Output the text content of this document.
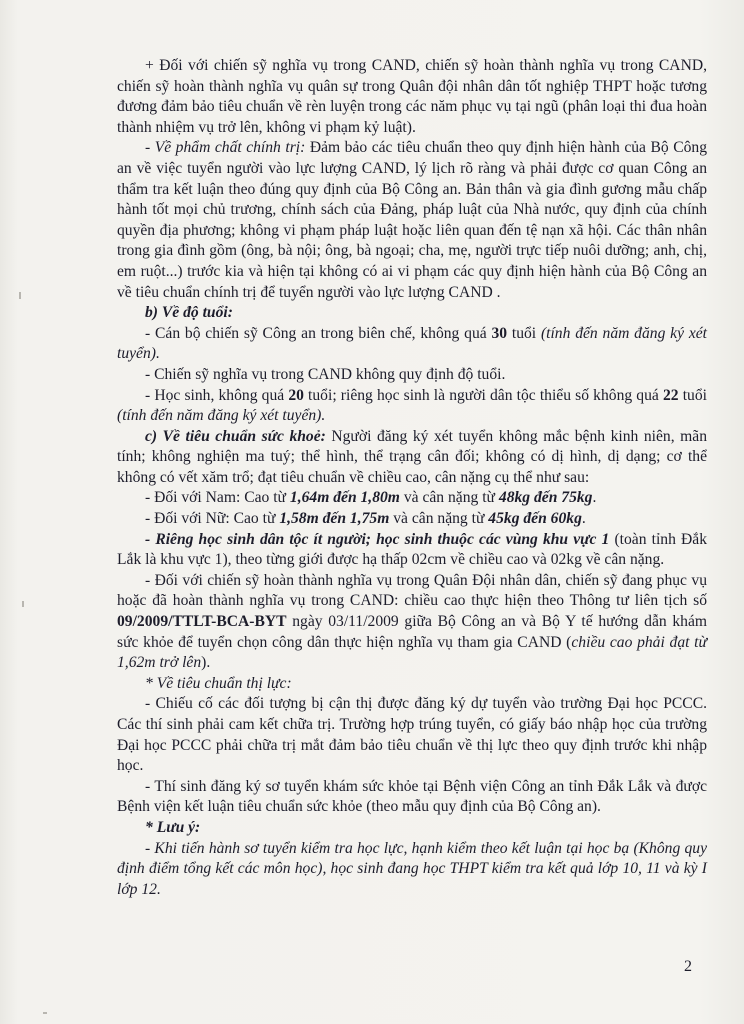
+ Đối với chiến sỹ nghĩa vụ trong CAND, chiến sỹ hoàn thành nghĩa vụ trong CAND, chiến sỹ hoàn thành nghĩa vụ quân sự trong Quân đội nhân dân tốt nghiệp THPT hoặc tương đương đảm bảo tiêu chuẩn về rèn luyện trong các năm phục vụ tại ngũ (phân loại thi đua hoàn thành nhiệm vụ trở lên, không vi phạm kỷ luật).

- Về phẩm chất chính trị: Đảm bảo các tiêu chuẩn theo quy định hiện hành của Bộ Công an về việc tuyển người vào lực lượng CAND, lý lịch rõ ràng và phải được cơ quan Công an thẩm tra kết luận theo đúng quy định của Bộ Công an. Bản thân và gia đình gương mẫu chấp hành tốt mọi chủ trương, chính sách của Đảng, pháp luật của Nhà nước, quy định của chính quyền địa phương; không vi phạm pháp luật hoặc liên quan đến tệ nạn xã hội. Các thân nhân trong gia đình gồm (ông, bà nội; ông, bà ngoại; cha, mẹ, người trực tiếp nuôi dưỡng; anh, chị, em ruột...) trước kia và hiện tại không có ai vi phạm các quy định hiện hành của Bộ Công an về tiêu chuẩn chính trị để tuyển người vào lực lượng CAND .

b) Về độ tuổi:

- Cán bộ chiến sỹ Công an trong biên chế, không quá 30 tuổi (tính đến năm đăng ký xét tuyển).

- Chiến sỹ nghĩa vụ trong CAND không quy định độ tuổi.

- Học sinh, không quá 20 tuổi; riêng học sinh là người dân tộc thiểu số không quá 22 tuổi (tính đến năm đăng ký xét tuyển).

c) Về tiêu chuẩn sức khoẻ: Người đăng ký xét tuyển không mắc bệnh kinh niên, mãn tính; không nghiện ma tuý; thể hình, thể trạng cân đối; không có dị hình, dị dạng; cơ thể không có vết xăm trổ; đạt tiêu chuẩn về chiều cao, cân nặng cụ thể như sau:

- Đối với Nam: Cao từ 1,64m đến 1,80m và cân nặng từ 48kg đến 75kg.

- Đối với Nữ: Cao từ 1,58m đến 1,75m và cân nặng từ 45kg đến 60kg.

- Riêng học sinh dân tộc ít người; học sinh thuộc các vùng khu vực 1 (toàn tỉnh Đắk Lắk là khu vực 1), theo từng giới được hạ thấp 02cm về chiều cao và 02kg về cân nặng.

- Đối với chiến sỹ hoàn thành nghĩa vụ trong Quân Đội nhân dân, chiến sỹ đang phục vụ hoặc đã hoàn thành nghĩa vụ trong CAND: chiều cao thực hiện theo Thông tư liên tịch số 09/2009/TTLT-BCA-BYT ngày 03/11/2009 giữa Bộ Công an và Bộ Y tế hướng dẫn khám sức khỏe để tuyển chọn công dân thực hiện nghĩa vụ tham gia CAND (chiều cao phải đạt từ 1,62m trở lên).

* Về tiêu chuẩn thị lực:

- Chiếu cố các đối tượng bị cận thị được đăng ký dự tuyển vào trường Đại học PCCC. Các thí sinh phải cam kết chữa trị. Trường hợp trúng tuyển, có giấy báo nhập học của trường Đại học PCCC phải chữa trị mắt đảm bảo tiêu chuẩn về thị lực theo quy định trước khi nhập học.

- Thí sinh đăng ký sơ tuyển khám sức khỏe tại Bệnh viện Công an tỉnh Đắk Lắk và được Bệnh viện kết luận tiêu chuẩn sức khỏe (theo mẫu quy định của Bộ Công an).

* Lưu ý:

- Khi tiến hành sơ tuyển kiểm tra học lực, hạnh kiểm theo kết luận tại học bạ (Không quy định điểm tổng kết các môn học), học sinh đang học THPT kiểm tra kết quả lớp 10, 11 và kỳ I lớp 12.

2
